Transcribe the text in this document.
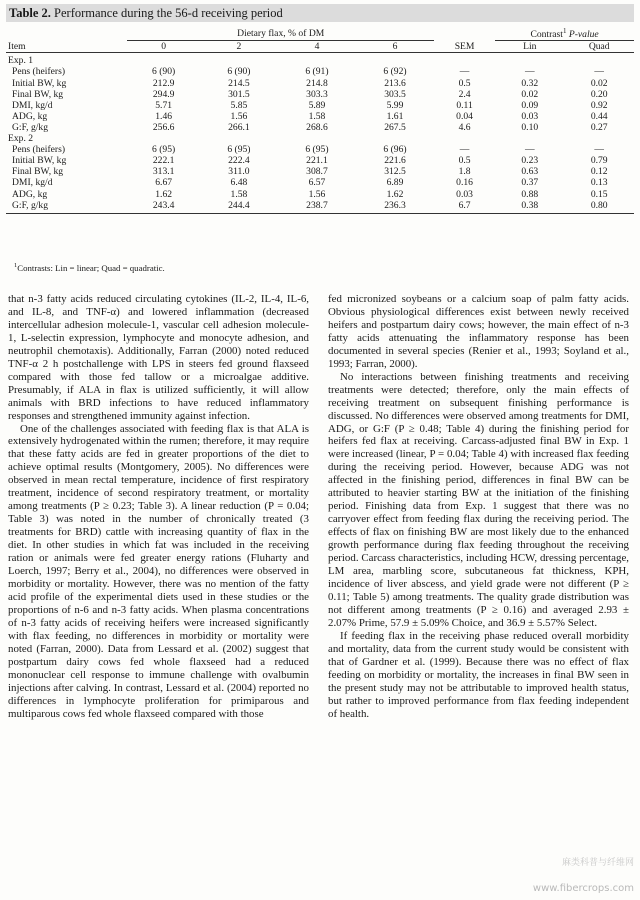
Table 2. Performance during the 56-d receiving period
	Dietary flax, % of DM					Contrast$^1$ P-value	
Item	0	2	4	6	SEM	Lin	Quad
Exp. 1							
Pens (heifers)	6 (90)	6 (90)	6 (91)	6 (92)	—	—	—
Initial BW, kg	212.9	214.5	214.8	213.6	0.5	0.32	0.02
Final BW, kg	294.9	301.5	303.3	303.5	2.4	0.02	0.20
DMI, kg/d	5.71	5.85	5.89	5.99	0.11	0.09	0.92
ADG, kg	1.46	1.56	1.58	1.61	0.04	0.03	0.44
G:F, g/kg	256.6	266.1	268.6	267.5	4.6	0.10	0.27
Exp. 2							
Pens (heifers)	6 (95)	6 (95)	6 (95)	6 (96)	—	—	—
Initial BW, kg	222.1	222.4	221.1	221.6	0.5	0.23	0.79
Final BW, kg	313.1	311.0	308.7	312.5	1.8	0.63	0.12
DMI, kg/d	6.67	6.48	6.57	6.89	0.16	0.37	0.13
ADG, kg	1.62	1.58	1.56	1.62	0.03	0.88	0.15
G:F, g/kg	243.4	244.4	238.7	236.3	6.7	0.38	0.80
$^1$Contrasts: Lin = linear; Quad = quadratic.

that n-3 fatty acids reduced circulating cytokines (IL-2, IL-4, IL-6, and IL-8, and TNF-α) and lowered inflammation (decreased intercellular adhesion molecule-1, vascular cell adhesion molecule-1, L-selectin expression, lymphocyte and monocyte adhesion, and neutrophil chemotaxis). Additionally, Farran (2000) noted reduced TNF-α 2 h postchallenge with LPS in steers fed ground flaxseed compared with those fed tallow or a microalgae additive. Presumably, if ALA in flax is utilized sufficiently, it will allow animals with BRD infections to have reduced inflammatory responses and strengthened immunity against infection.

One of the challenges associated with feeding flax is that ALA is extensively hydrogenated within the rumen; therefore, it may require that these fatty acids are fed in greater proportions of the diet to achieve optimal results (Montgomery, 2005). No differences were observed in mean rectal temperature, incidence of first respiratory treatment, incidence of second respiratory treatment, or mortality among treatments (P ≥ 0.23; Table 3). A linear reduction (P = 0.04; Table 3) was noted in the number of chronically treated (3 treatments for BRD) cattle with increasing quantity of flax in the diet. In other studies in which fat was included in the receiving ration or animals were fed greater energy rations (Fluharty and Loerch, 1997; Berry et al., 2004), no differences were observed in morbidity or mortality. However, there was no mention of the fatty acid profile of the experimental diets used in these studies or the proportions of n-6 and n-3 fatty acids. When plasma concentrations of n-3 fatty acids of receiving heifers were increased significantly with flax feeding, no differences in morbidity or mortality were noted (Farran, 2000). Data from Lessard et al. (2002) suggest that postpartum dairy cows fed whole flaxseed had a reduced mononuclear cell response to immune challenge with ovalbumin injections after calving. In contrast, Lessard et al. (2004) reported no differences in lymphocyte proliferation for primiparous and multiparous cows fed whole flaxseed compared with those

fed micronized soybeans or a calcium soap of palm fatty acids. Obvious physiological differences exist between newly received heifers and postpartum dairy cows; however, the main effect of n-3 fatty acids attenuating the inflammatory response has been documented in several species (Renier et al., 1993; Soyland et al., 1993; Farran, 2000).

No interactions between finishing treatments and receiving treatments were detected; therefore, only the main effects of receiving treatment on subsequent finishing performance is discussed. No differences were observed among treatments for DMI, ADG, or G:F (P ≥ 0.48; Table 4) during the finishing period for heifers fed flax at receiving. Carcass-adjusted final BW in Exp. 1 were increased (linear, P = 0.04; Table 4) with increased flax feeding during the receiving period. However, because ADG was not affected in the finishing period, differences in final BW can be attributed to heavier starting BW at the initiation of the finishing period. Finishing data from Exp. 1 suggest that there was no carryover effect from feeding flax during the receiving period. The effects of flax on finishing BW are most likely due to the enhanced growth performance during flax feeding throughout the receiving period. Carcass characteristics, including HCW, dressing percentage, LM area, marbling score, subcutaneous fat thickness, KPH, incidence of liver abscess, and yield grade were not different (P ≥ 0.11; Table 5) among treatments. The quality grade distribution was not different among treatments (P ≥ 0.16) and averaged 2.93 ± 2.07% Prime, 57.9 ± 5.09% Choice, and 36.9 ± 5.57% Select.

If feeding flax in the receiving phase reduced overall morbidity and mortality, data from the current study would be consistent with that of Gardner et al. (1999). Because there was no effect of flax feeding on morbidity or mortality, the increases in final BW seen in the present study may not be attributable to improved health status, but rather to improved performance from flax feeding independent of health.

麻类科普与纤维网
www.fibercrops.com
